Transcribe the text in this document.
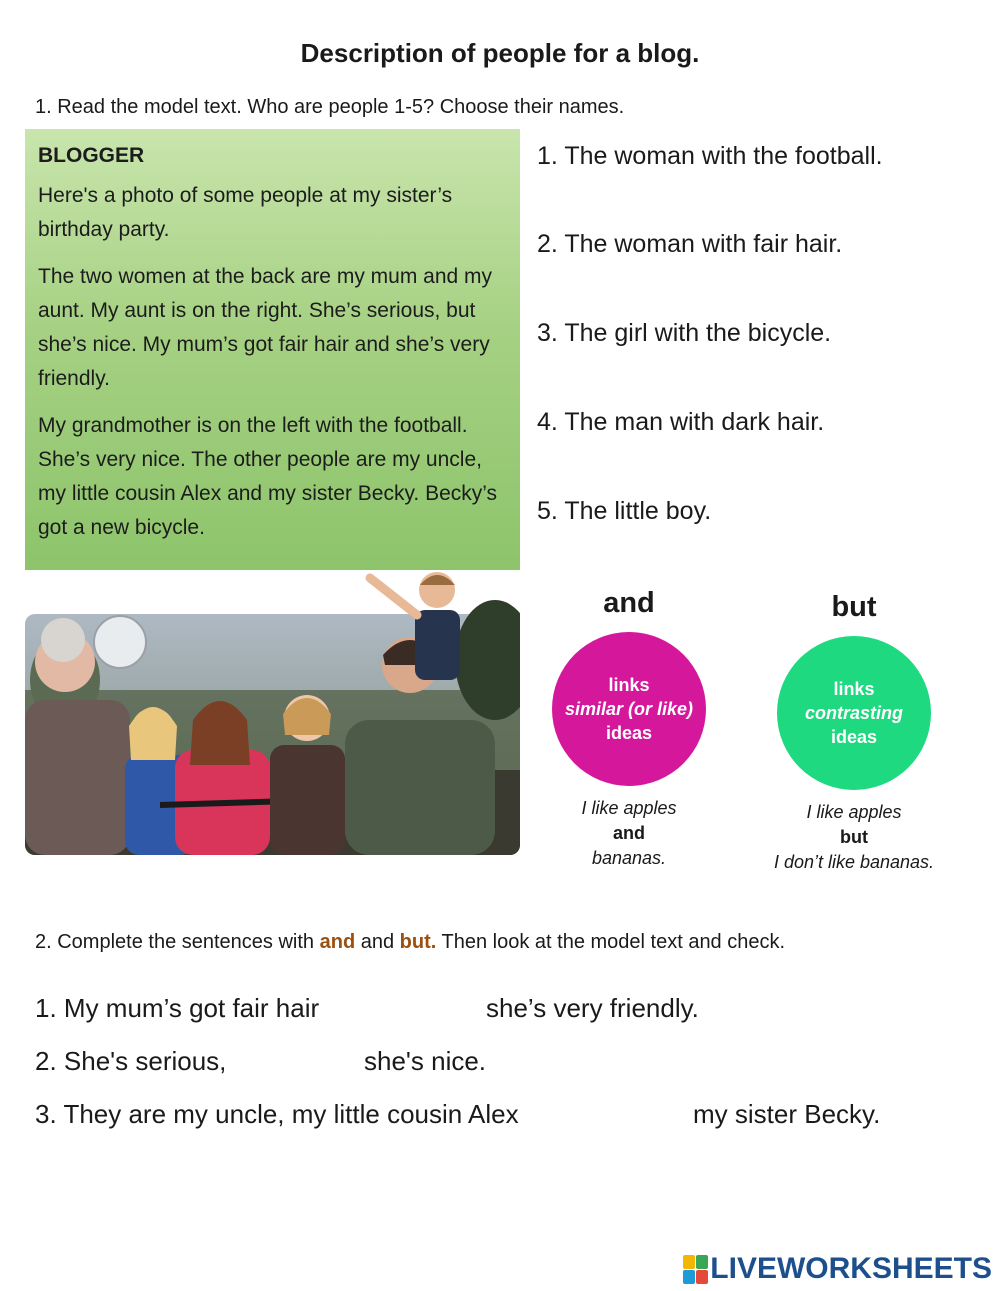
Description of people for a blog.
1. Read the model text. Who are people 1-5? Choose their names.

BLOGGER

Here's a photo of some people at my sister’s birthday party.

The two women at the back are my mum and my aunt. My aunt is on the right. She’s serious, but she’s nice. My mum’s got fair hair and she’s very friendly.

My grandmother is on the left with the football. She’s very nice. The other people are my uncle, my little cousin Alex and my sister Becky. Becky’s got a new bicycle.

1. The woman with the football.
2. The woman with fair hair.
3. The girl with the bicycle.
4. The man with dark hair.
5. The little boy.
and
links
similar (or like)
ideas
I like apples
and
bananas.
but
links
contrasting
ideas
I like apples
but
I don’t like bananas.
2. Complete the sentences with and and but. Then look at the model text and check.
1. My mum’s got fair hair	she’s very friendly.
2. She's serious,	she's nice.
3. They are my uncle, my little cousin Alex	my sister Becky.
LIVEWORKSHEETS
